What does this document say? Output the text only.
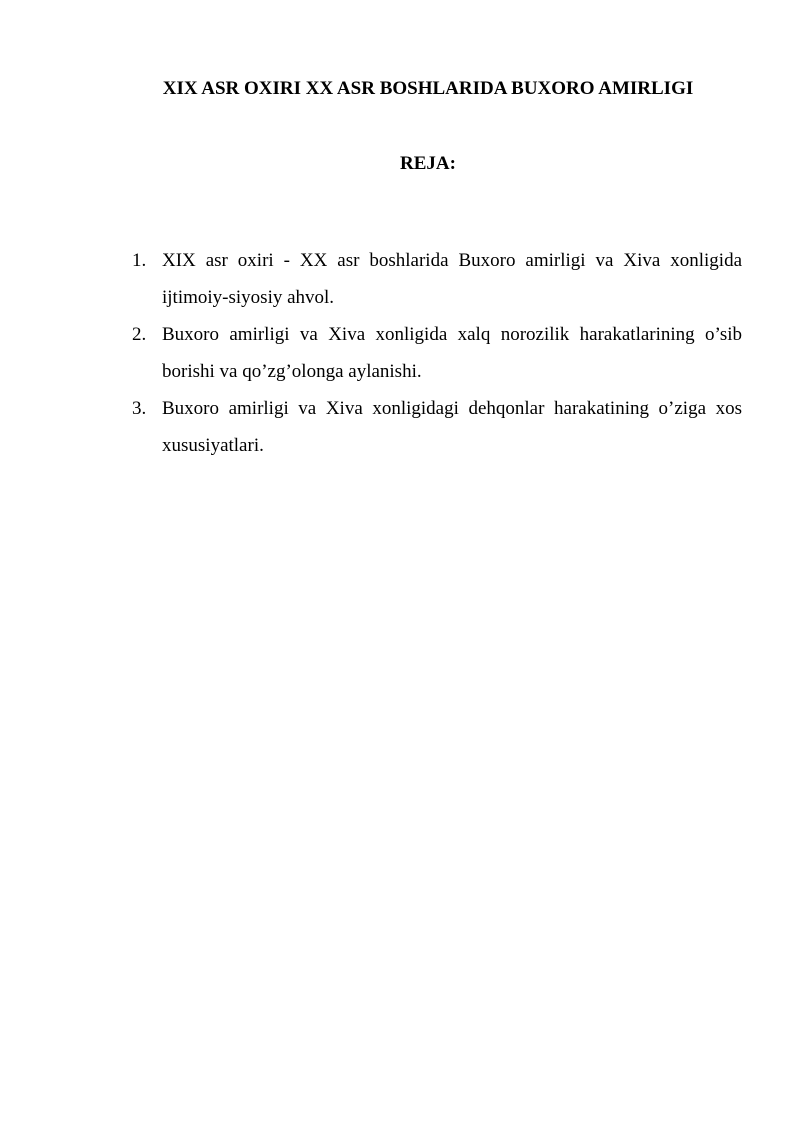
XIX ASR OXIRI XX ASR BOSHLARIDA BUXORO AMIRLIGI
REJA:
1. XIX asr oxiri - XX asr boshlarida Buxoro amirligi va Xiva xonligida ijtimoiy-siyosiy ahvol.
2. Buxoro amirligi va Xiva xonligida xalq norozilik harakatlarining o’sib borishi va qo’zg’olonga aylanishi.
3. Buxoro amirligi va Xiva xonligidagi dehqonlar harakatining o’ziga xos xususiyatlari.
